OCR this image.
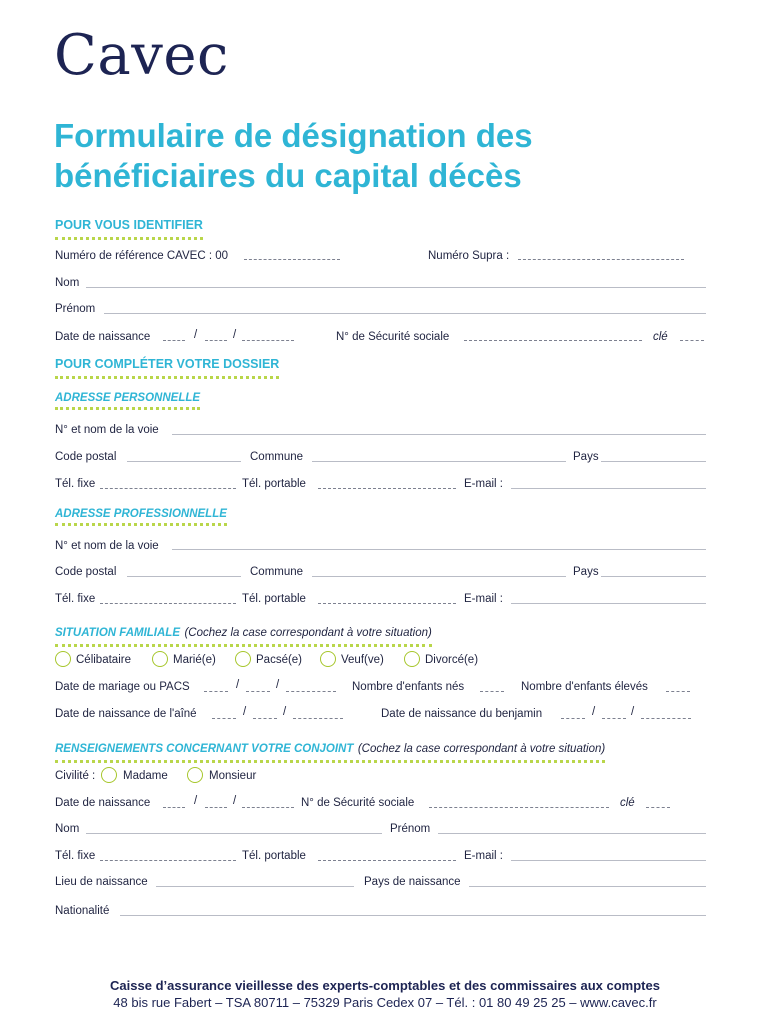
Cavec
Formulaire de désignation des
bénéficiaires du capital décès
POUR VOUS IDENTIFIER
Numéro de référence CAVEC : 00	Numéro Supra :
Nom
Prénom
Date de naissance	/	/	N° de Sécurité sociale	clé
POUR COMPLÉTER VOTRE DOSSIER
ADRESSE PERSONNELLE
N° et nom de la voie
Code postal	Commune	Pays
Tél. fixe	Tél. portable	E-mail :
ADRESSE PROFESSIONNELLE
N° et nom de la voie
Code postal	Commune	Pays
Tél. fixe	Tél. portable	E-mail :
SITUATION FAMILIALE (Cochez la case correspondant à votre situation)
Célibataire	Marié(e)	Pacsé(e)	Veuf(ve)	Divorcé(e)
Date de mariage ou PACS	/	/	Nombre d'enfants nés	Nombre d'enfants élevés
Date de naissance de l'aîné	/	/	Date de naissance du benjamin	/	/
RENSEIGNEMENTS CONCERNANT VOTRE CONJOINT (Cochez la case correspondant à votre situation)
Civilité : Madame	Monsieur
Date de naissance	/	/	N° de Sécurité sociale	clé
Nom	Prénom
Tél. fixe	Tél. portable	E-mail :
Lieu de naissance	Pays de naissance
Nationalité
Caisse d’assurance vieillesse des experts-comptables et des commissaires aux comptes
48 bis rue Fabert – TSA 80711 – 75329 Paris Cedex 07 – Tél. : 01 80 49 25 25 – www.cavec.fr
